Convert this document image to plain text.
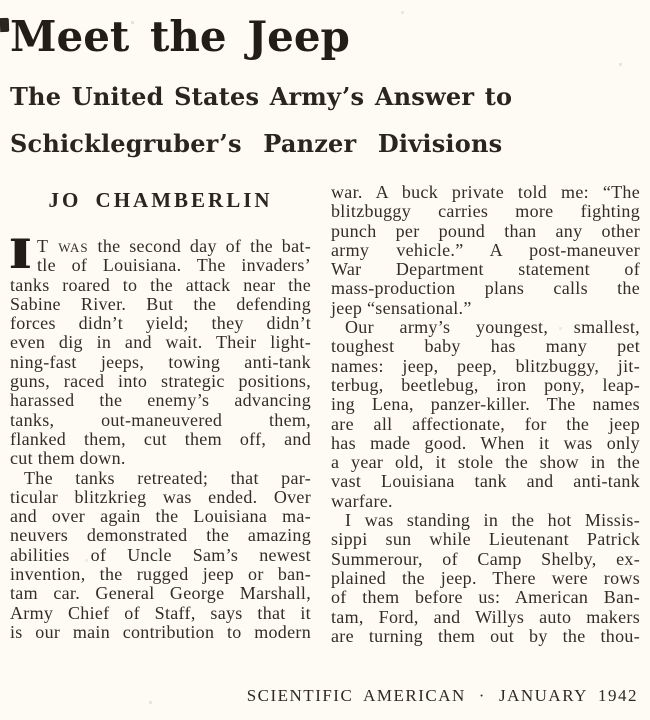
Meet the Jeep
The United States Army’s Answer to
Schicklegruber’s Panzer Divisions
JO CHAMBERLIN
I T was the second day of the bat-
tle of Louisiana. The invaders’
tanks roared to the attack near the
Sabine River. But the defending
forces didn’t yield; they didn’t
even dig in and wait. Their light-
ning-fast jeeps, towing anti-tank
guns, raced into strategic positions,
harassed the enemy’s advancing
tanks, out-maneuvered them,
flanked them, cut them off, and
cut them down.
The tanks retreated; that par-
ticular blitzkrieg was ended. Over
and over again the Louisiana ma-
neuvers demonstrated the amazing
abilities of Uncle Sam’s newest
invention, the rugged jeep or ban-
tam car. General George Marshall,
Army Chief of Staff, says that it
is our main contribution to modern
war. A buck private told me: “The
blitzbuggy carries more fighting
punch per pound than any other
army vehicle.” A post-maneuver
War Department statement of
mass-production plans calls the
jeep “sensational.”
Our army’s youngest, smallest,
toughest baby has many pet
names: jeep, peep, blitzbuggy, jit-
terbug, beetlebug, iron pony, leap-
ing Lena, panzer-killer. The names
are all affectionate, for the jeep
has made good. When it was only
a year old, it stole the show in the
vast Louisiana tank and anti-tank
warfare.
I was standing in the hot Missis-
sippi sun while Lieutenant Patrick
Summerour, of Camp Shelby, ex-
plained the jeep. There were rows
of them before us: American Ban-
tam, Ford, and Willys auto makers
are turning them out by the thou-
SCIENTIFIC AMERICAN · JANUARY 1942
